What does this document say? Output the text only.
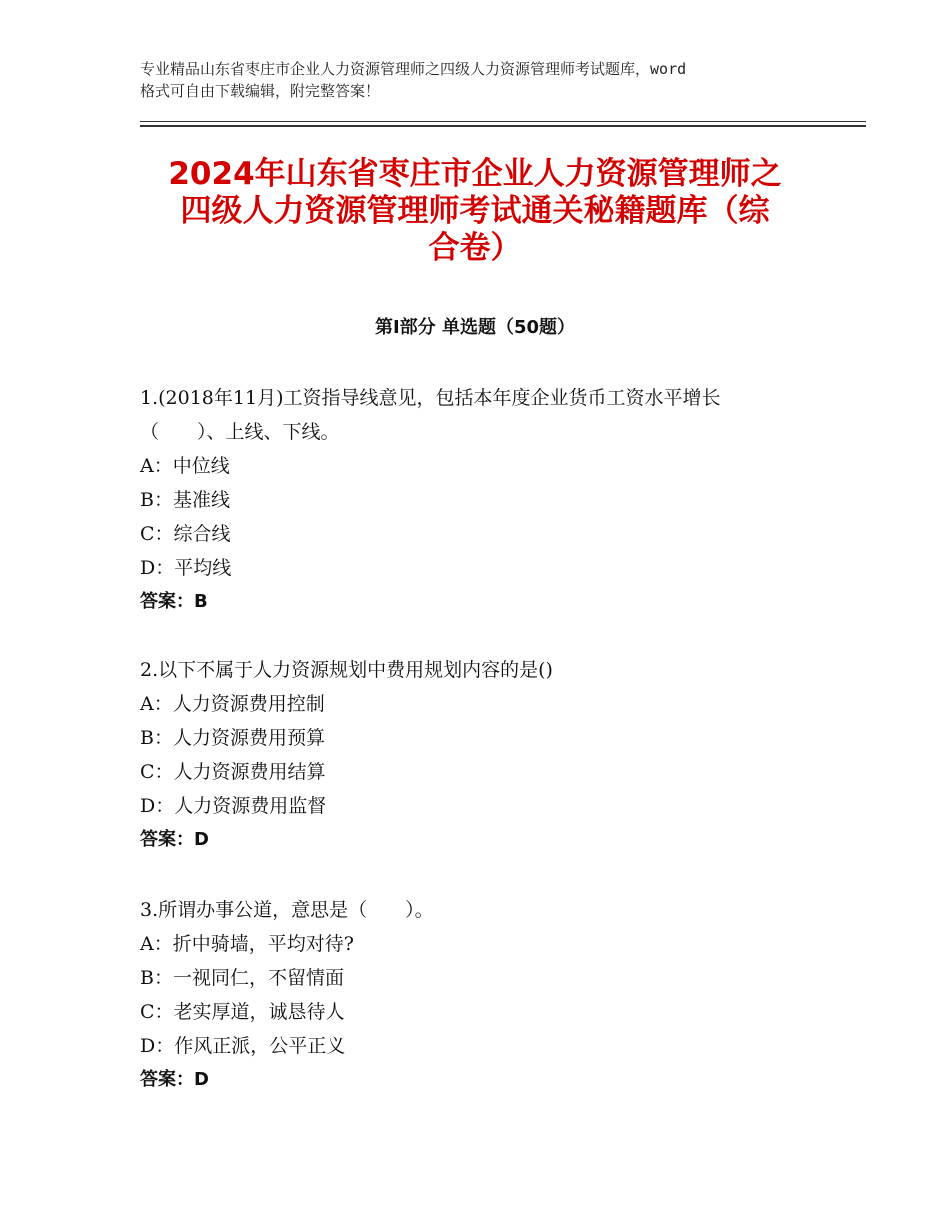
专业精品山东省枣庄市企业人力资源管理师之四级人力资源管理师考试题库，word
格式可自由下载编辑，附完整答案！
2024年山东省枣庄市企业人力资源管理师之
四级人力资源管理师考试通关秘籍题库（综
合卷）
第Ⅰ部分 单选题（50题）

1.(2018年11月)工资指导线意见，包括本年度企业货币工资水平增长

（　　）、上线、下线。

A：中位线

B：基准线

C：综合线

D：平均线

答案：B

2.以下不属于人力资源规划中费用规划内容的是()

A：人力资源费用控制

B：人力资源费用预算

C：人力资源费用结算

D：人力资源费用监督

答案：D

3.所谓办事公道，意思是（　　）。

A：折中骑墙，平均对待?

B：一视同仁，不留情面

C：老实厚道，诚恳待人

D：作风正派，公平正义

答案：D
